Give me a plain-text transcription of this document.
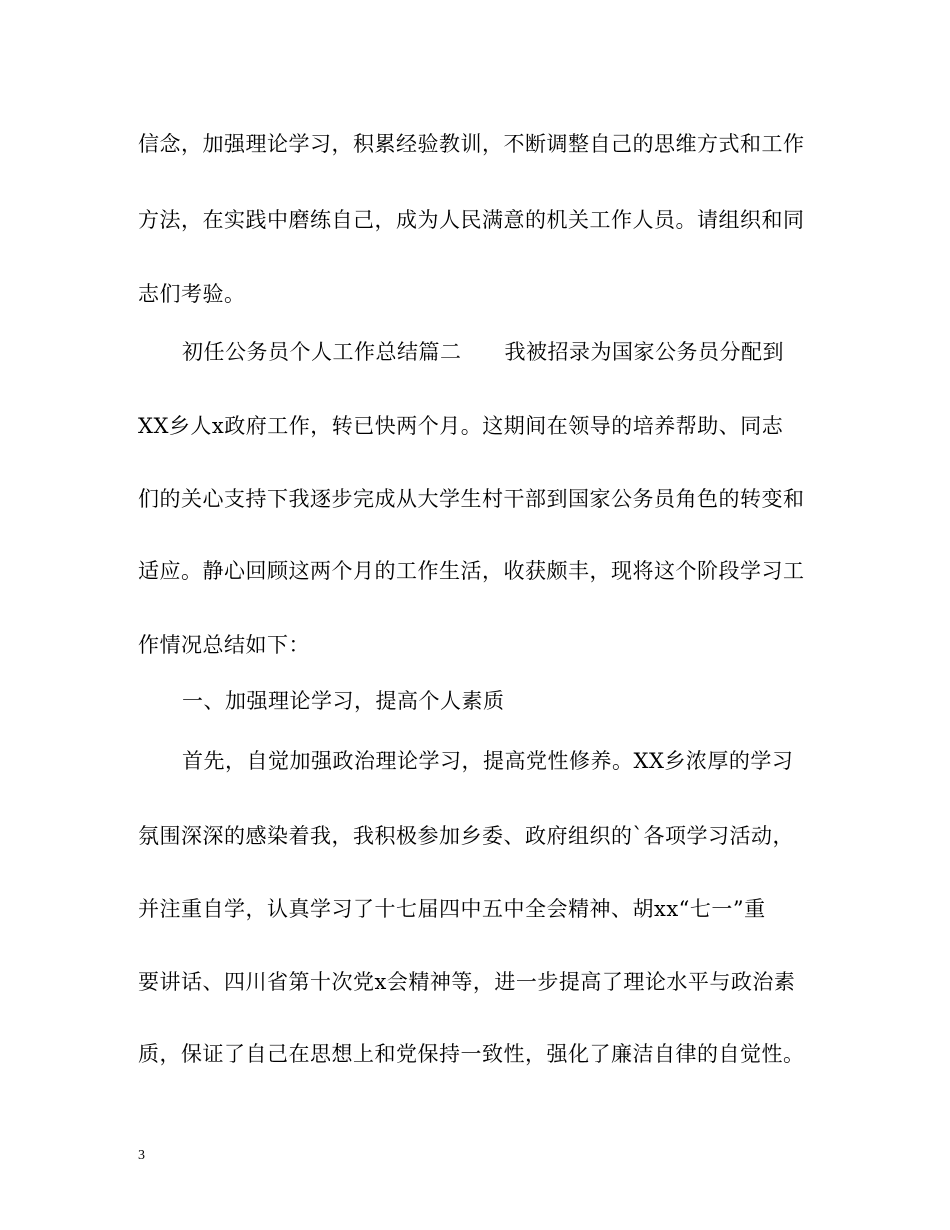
信念，加强理论学习，积累经验教训，不断调整自己的思维方式和工作
方法，在实践中磨练自己，成为人民满意的机关工作人员。请组织和同
志们考验。
初任公务员个人工作总结篇二　　我被招录为国家公务员分配到
XX乡人x政府工作，转已快两个月。这期间在领导的培养帮助、同志
们的关心支持下我逐步完成从大学生村干部到国家公务员角色的转变和
适应。静心回顾这两个月的工作生活，收获颇丰，现将这个阶段学习工
作情况总结如下：
一、加强理论学习，提高个人素质
首先，自觉加强政治理论学习，提高党性修养。XX乡浓厚的学习
氛围深深的感染着我，我积极参加乡委、政府组织的`各项学习活动，
并注重自学，认真学习了十七届四中五中全会精神、胡xx“七一”重
要讲话、四川省第十次党x会精神等，进一步提高了理论水平与政治素
质，保证了自己在思想上和党保持一致性，强化了廉洁自律的自觉性。
3
